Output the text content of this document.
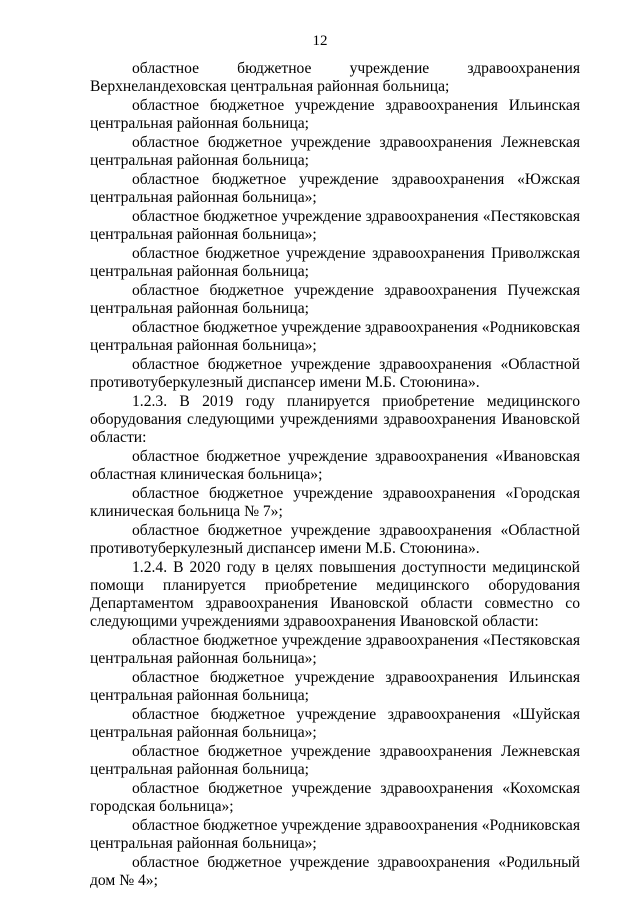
12

областное бюджетное учреждение здравоохранения Верхнеландеховская центральная районная больница;

областное бюджетное учреждение здравоохранения Ильинская центральная районная больница;

областное бюджетное учреждение здравоохранения Лежневская центральная районная больница;

областное бюджетное учреждение здравоохранения «Южская центральная районная больница»;

областное бюджетное учреждение здравоохранения «Пестяковская центральная районная больница»;

областное бюджетное учреждение здравоохранения Приволжская центральная районная больница;

областное бюджетное учреждение здравоохранения Пучежская центральная районная больница;

областное бюджетное учреждение здравоохранения «Родниковская центральная районная больница»;

областное бюджетное учреждение здравоохранения «Областной противотуберкулезный диспансер имени М.Б. Стоюнина».

1.2.3. В 2019 году планируется приобретение медицинского оборудования следующими учреждениями здравоохранения Ивановской области:

областное бюджетное учреждение здравоохранения «Ивановская областная клиническая больница»;

областное бюджетное учреждение здравоохранения «Городская клиническая больница № 7»;

областное бюджетное учреждение здравоохранения «Областной противотуберкулезный диспансер имени М.Б. Стоюнина».

1.2.4. В 2020 году в целях повышения доступности медицинской помощи планируется приобретение медицинского оборудования Департаментом здравоохранения Ивановской области совместно со следующими учреждениями здравоохранения Ивановской области:

областное бюджетное учреждение здравоохранения «Пестяковская центральная районная больница»;

областное бюджетное учреждение здравоохранения Ильинская центральная районная больница;

областное бюджетное учреждение здравоохранения «Шуйская центральная районная больница»;

областное бюджетное учреждение здравоохранения Лежневская центральная районная больница;

областное бюджетное учреждение здравоохранения «Кохомская городская больница»;

областное бюджетное учреждение здравоохранения «Родниковская центральная районная больница»;

областное бюджетное учреждение здравоохранения «Родильный дом № 4»;
